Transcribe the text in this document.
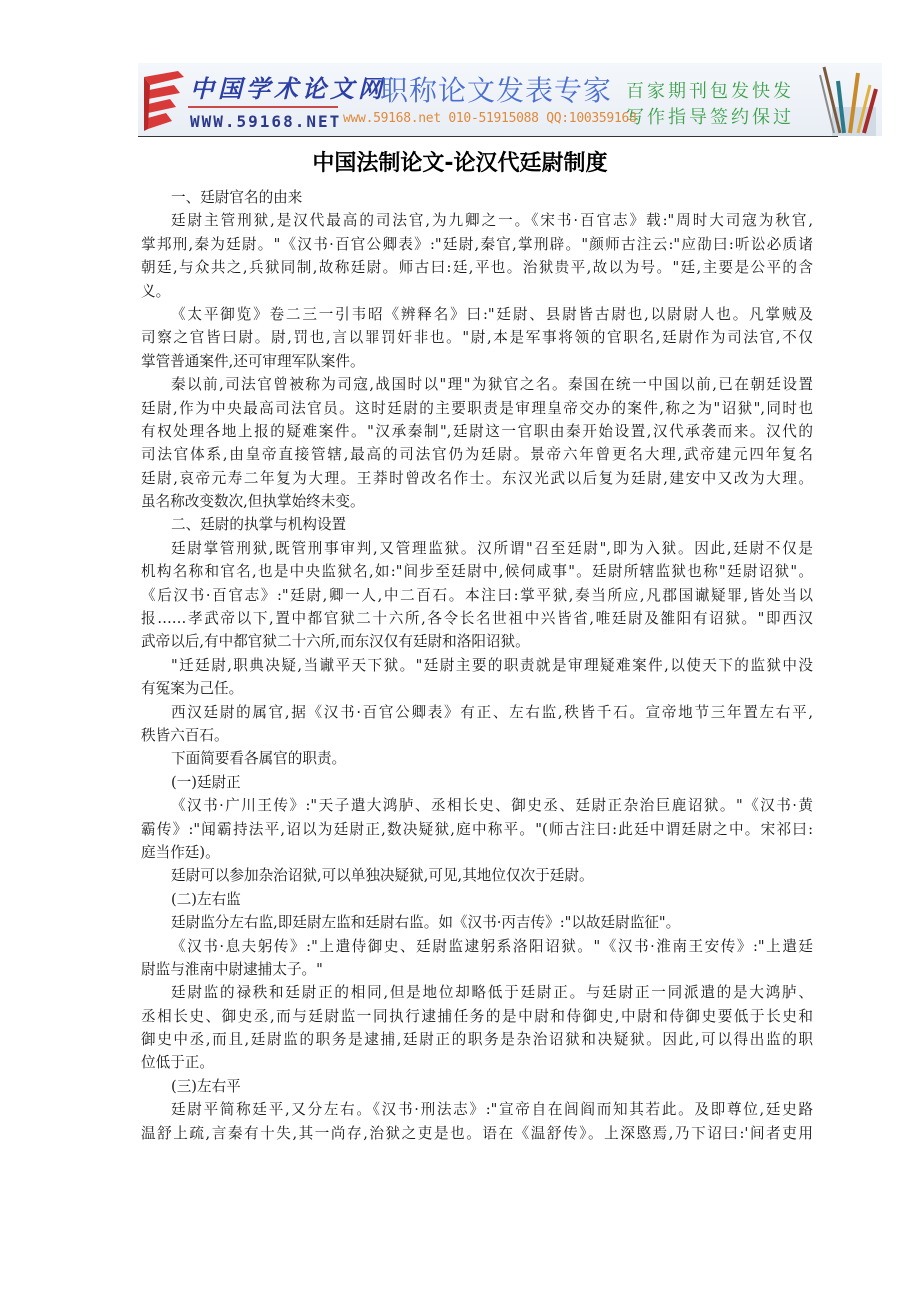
中国学术论文网
WWW.59168.NET
职称论文发表专家
www.59168.net 010-51915088 QQ:100359168
百家期刊包发快发
写作指导签约保过
中国法制论文-论汉代廷尉制度
一、廷尉官名的由来
廷尉主管刑狱,是汉代最高的司法官,为九卿之一。《宋书·百官志》载:"周时大司寇为秋官,
掌邦刑,秦为廷尉。"《汉书·百官公卿表》:"廷尉,秦官,掌刑辟。"颜师古注云:"应劭曰:听讼必质诸
朝廷,与众共之,兵狱同制,故称廷尉。师古曰:廷,平也。治狱贵平,故以为号。"廷,主要是公平的含
义。
《太平御览》卷二三一引韦昭《辨释名》曰:"廷尉、县尉皆古尉也,以尉尉人也。凡掌贼及
司察之官皆曰尉。尉,罚也,言以罪罚奸非也。"尉,本是军事将领的官职名,廷尉作为司法官,不仅
掌管普通案件,还可审理军队案件。
秦以前,司法官曾被称为司寇,战国时以"理"为狱官之名。秦国在统一中国以前,已在朝廷设置
廷尉,作为中央最高司法官员。这时廷尉的主要职责是审理皇帝交办的案件,称之为"诏狱",同时也
有权处理各地上报的疑难案件。"汉承秦制",廷尉这一官职由秦开始设置,汉代承袭而来。汉代的
司法官体系,由皇帝直接管辖,最高的司法官仍为廷尉。景帝六年曾更名大理,武帝建元四年复名
廷尉,哀帝元寿二年复为大理。王莽时曾改名作士。东汉光武以后复为廷尉,建安中又改为大理。
虽名称改变数次,但执掌始终未变。
二、廷尉的执掌与机构设置
廷尉掌管刑狱,既管刑事审判,又管理监狱。汉所谓"召至廷尉",即为入狱。因此,廷尉不仅是
机构名称和官名,也是中央监狱名,如:"间步至廷尉中,候伺咸事"。廷尉所辖监狱也称"廷尉诏狱"。
《后汉书·百官志》:"廷尉,卿一人,中二百石。本注曰:掌平狱,奏当所应,凡郡国谳疑罪,皆处当以
报……孝武帝以下,置中都官狱二十六所,各令长名世祖中兴皆省,唯廷尉及雒阳有诏狱。"即西汉
武帝以后,有中都官狱二十六所,而东汉仅有廷尉和洛阳诏狱。
"迁廷尉,职典决疑,当谳平天下狱。"廷尉主要的职责就是审理疑难案件,以使天下的监狱中没
有冤案为己任。
西汉廷尉的属官,据《汉书·百官公卿表》有正、左右监,秩皆千石。宣帝地节三年置左右平,
秩皆六百石。
下面简要看各属官的职责。
(一)廷尉正
《汉书·广川王传》:"天子遣大鸿胪、丞相长史、御史丞、廷尉正杂治巨鹿诏狱。"《汉书·黄
霸传》:"闻霸持法平,诏以为廷尉正,数决疑狱,庭中称平。"(师古注曰:此廷中谓廷尉之中。宋祁曰:
庭当作廷)。
廷尉可以参加杂治诏狱,可以单独决疑狱,可见,其地位仅次于廷尉。
(二)左右监
廷尉监分左右监,即廷尉左监和廷尉右监。如《汉书·丙吉传》:"以故廷尉监征"。
《汉书·息夫躬传》:"上遣侍御史、廷尉监逮躬系洛阳诏狱。"《汉书·淮南王安传》:"上遣廷
尉监与淮南中尉逮捕太子。"
廷尉监的禄秩和廷尉正的相同,但是地位却略低于廷尉正。与廷尉正一同派遣的是大鸿胪、
丞相长史、御史丞,而与廷尉监一同执行逮捕任务的是中尉和侍御史,中尉和侍御史要低于长史和
御史中丞,而且,廷尉监的职务是逮捕,廷尉正的职务是杂治诏狱和决疑狱。因此,可以得出监的职
位低于正。
(三)左右平
廷尉平简称廷平,又分左右。《汉书·刑法志》:"宣帝自在闾阎而知其若此。及即尊位,廷史路
温舒上疏,言秦有十失,其一尚存,治狱之吏是也。语在《温舒传》。上深愍焉,乃下诏曰:'间者吏用
